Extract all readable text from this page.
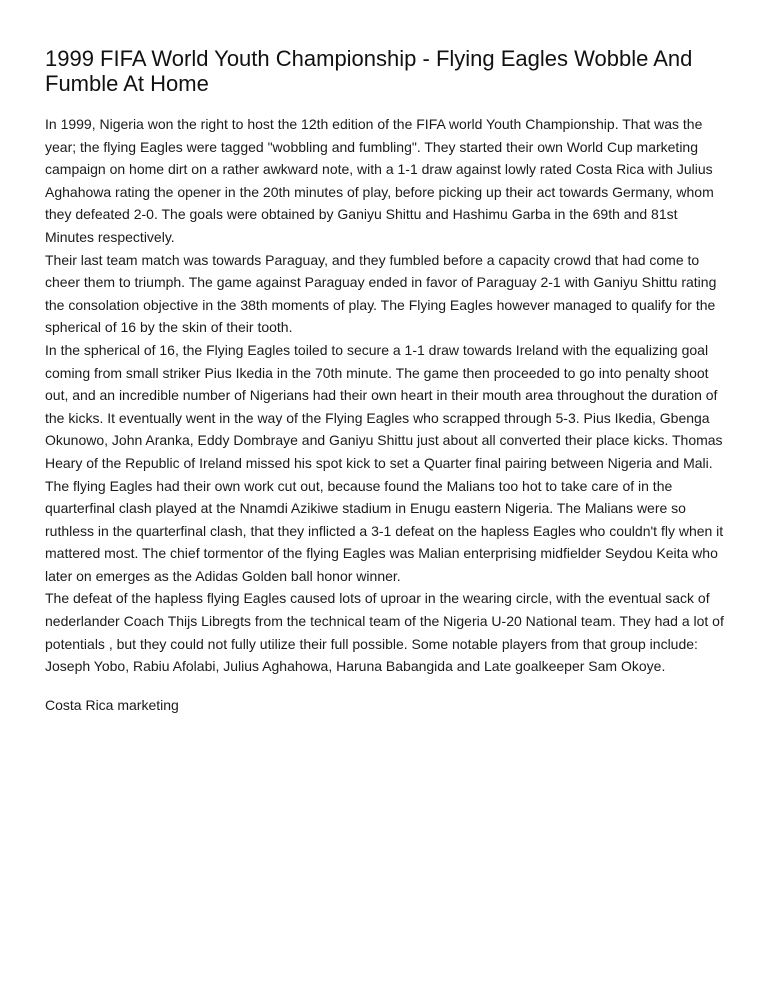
1999 FIFA World Youth Championship - Flying Eagles Wobble And Fumble At Home

In 1999, Nigeria won the right to host the 12th edition of the FIFA world Youth Championship. That was the year; the flying Eagles were tagged "wobbling and fumbling". They started their own World Cup marketing campaign on home dirt on a rather awkward note, with a 1-1 draw against lowly rated Costa Rica with Julius Aghahowa rating the opener in the 20th minutes of play, before picking up their act towards Germany, whom they defeated 2-0. The goals were obtained by Ganiyu Shittu and Hashimu Garba in the 69th and 81st Minutes respectively.

Their last team match was towards Paraguay, and they fumbled before a capacity crowd that had come to cheer them to triumph. The game against Paraguay ended in favor of Paraguay 2-1 with Ganiyu Shittu rating the consolation objective in the 38th moments of play. The Flying Eagles however managed to qualify for the spherical of 16 by the skin of their tooth.

In the spherical of 16, the Flying Eagles toiled to secure a 1-1 draw towards Ireland with the equalizing goal coming from small striker Pius Ikedia in the 70th minute. The game then proceeded to go into penalty shoot out, and an incredible number of Nigerians had their own heart in their mouth area throughout the duration of the kicks. It eventually went in the way of the Flying Eagles who scrapped through 5-3. Pius Ikedia, Gbenga Okunowo, John Aranka, Eddy Dombraye and Ganiyu Shittu just about all converted their place kicks. Thomas Heary of the Republic of Ireland missed his spot kick to set a Quarter final pairing between Nigeria and Mali.

The flying Eagles had their own work cut out, because found the Malians too hot to take care of in the quarterfinal clash played at the Nnamdi Azikiwe stadium in Enugu eastern Nigeria. The Malians were so ruthless in the quarterfinal clash, that they inflicted a 3-1 defeat on the hapless Eagles who couldn't fly when it mattered most. The chief tormentor of the flying Eagles was Malian enterprising midfielder Seydou Keita who later on emerges as the Adidas Golden ball honor winner.

The defeat of the hapless flying Eagles caused lots of uproar in the wearing circle, with the eventual sack of nederlander Coach Thijs Libregts from the technical team of the Nigeria U-20 National team. They had a lot of potentials , but they could not fully utilize their full possible. Some notable players from that group include: Joseph Yobo, Rabiu Afolabi, Julius Aghahowa, Haruna Babangida and Late goalkeeper Sam Okoye.

Costa Rica marketing
